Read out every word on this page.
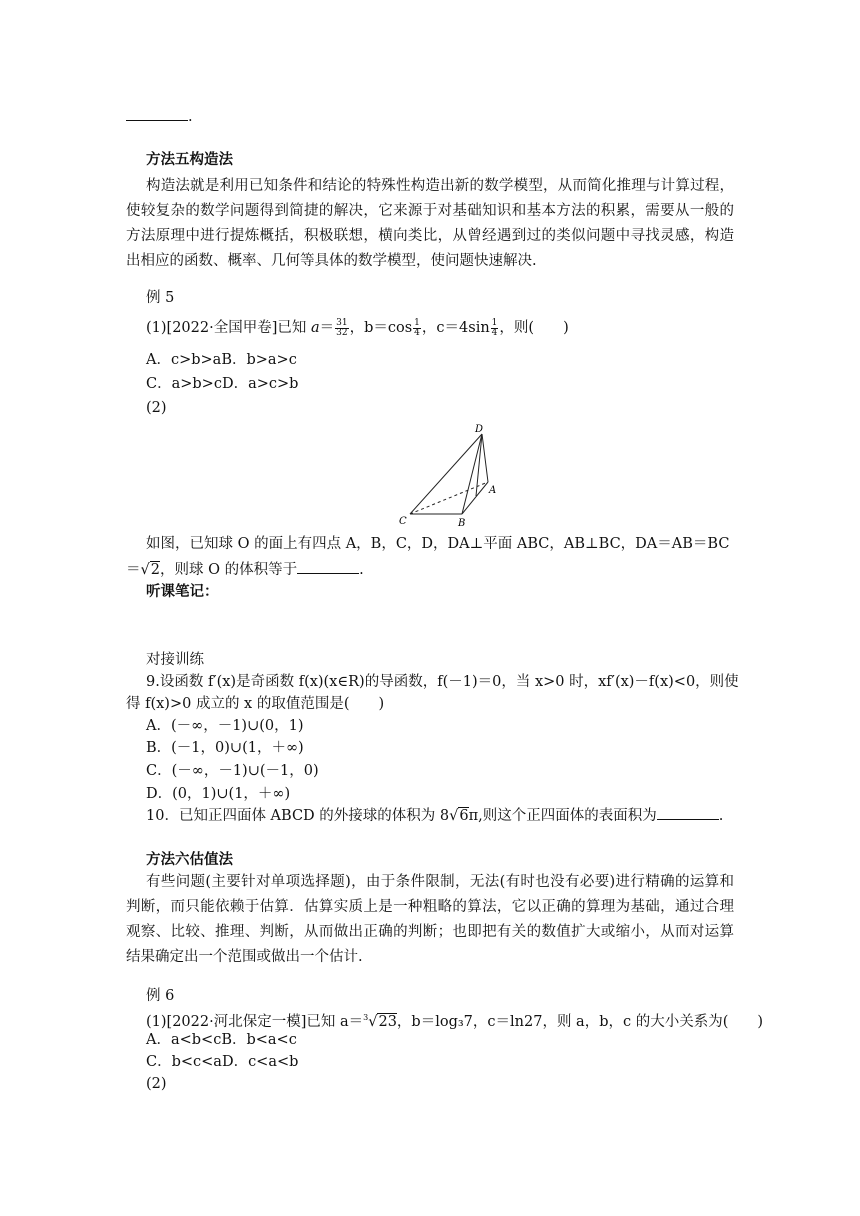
.
方法五构造法
构造法就是利用已知条件和结论的特殊性构造出新的数学模型，从而简化推理与计算过程，使较复杂的数学问题得到简捷的解决，它来源于对基础知识和基本方法的积累，需要从一般的方法原理中进行提炼概括，积极联想，横向类比，从曾经遇到过的类似问题中寻找灵感，构造出相应的函数、概率、几何等具体的数学模型，使问题快速解决.
例 5
(1)[2022·全国甲卷]已知 $a= \frac{31}{32}$ ，$b=\cos \frac{1}{4}$ ，$c=4\sin \frac{1}{4}$ ，则(　　)
A．c>b>aB．b>a>c
C．a>b>cD．a>c>b
(2)
D
A
C	B
如图，已知球 O 的面上有四点 A，B，C，D，DA⊥平面 ABC，AB⊥BC，DA＝AB＝BC
＝√2，则球 O 的体积等于	.
听课笔记：
对接训练
9.设函数 f′(x)是奇函数 f(x)(x∈R)的导函数，f(－1)＝0，当 x>0 时，xf′(x)－f(x)<0，则使
得 f(x)>0 成立的 x 的取值范围是(　　)
A．(－∞，－1)∪(0，1)
B．(－1，0)∪(1，＋∞)
C．(－∞，－1)∪(－1，0)
D．(0，1)∪(1，＋∞)
10．已知正四面体 ABCD 的外接球的体积为 8√6π,则这个正四面体的表面积为	.
方法六估值法
有些问题(主要针对单项选择题)，由于条件限制，无法(有时也没有必要)进行精确的运算和判断，而只能依赖于估算．估算实质上是一种粗略的算法，它以正确的算理为基础，通过合理观察、比较、推理、判断，从而做出正确的判断；也即把有关的数值扩大或缩小，从而对运算结果确定出一个范围或做出一个估计.
例 6
(1)[2022·河北保定一模]已知 a＝$^3$√23，b＝log₃7，c＝ln27，则 a，b，c 的大小关系为(　　)
A．a<b<cB．b<a<c
C．b<c<aD．c<a<b
(2)
